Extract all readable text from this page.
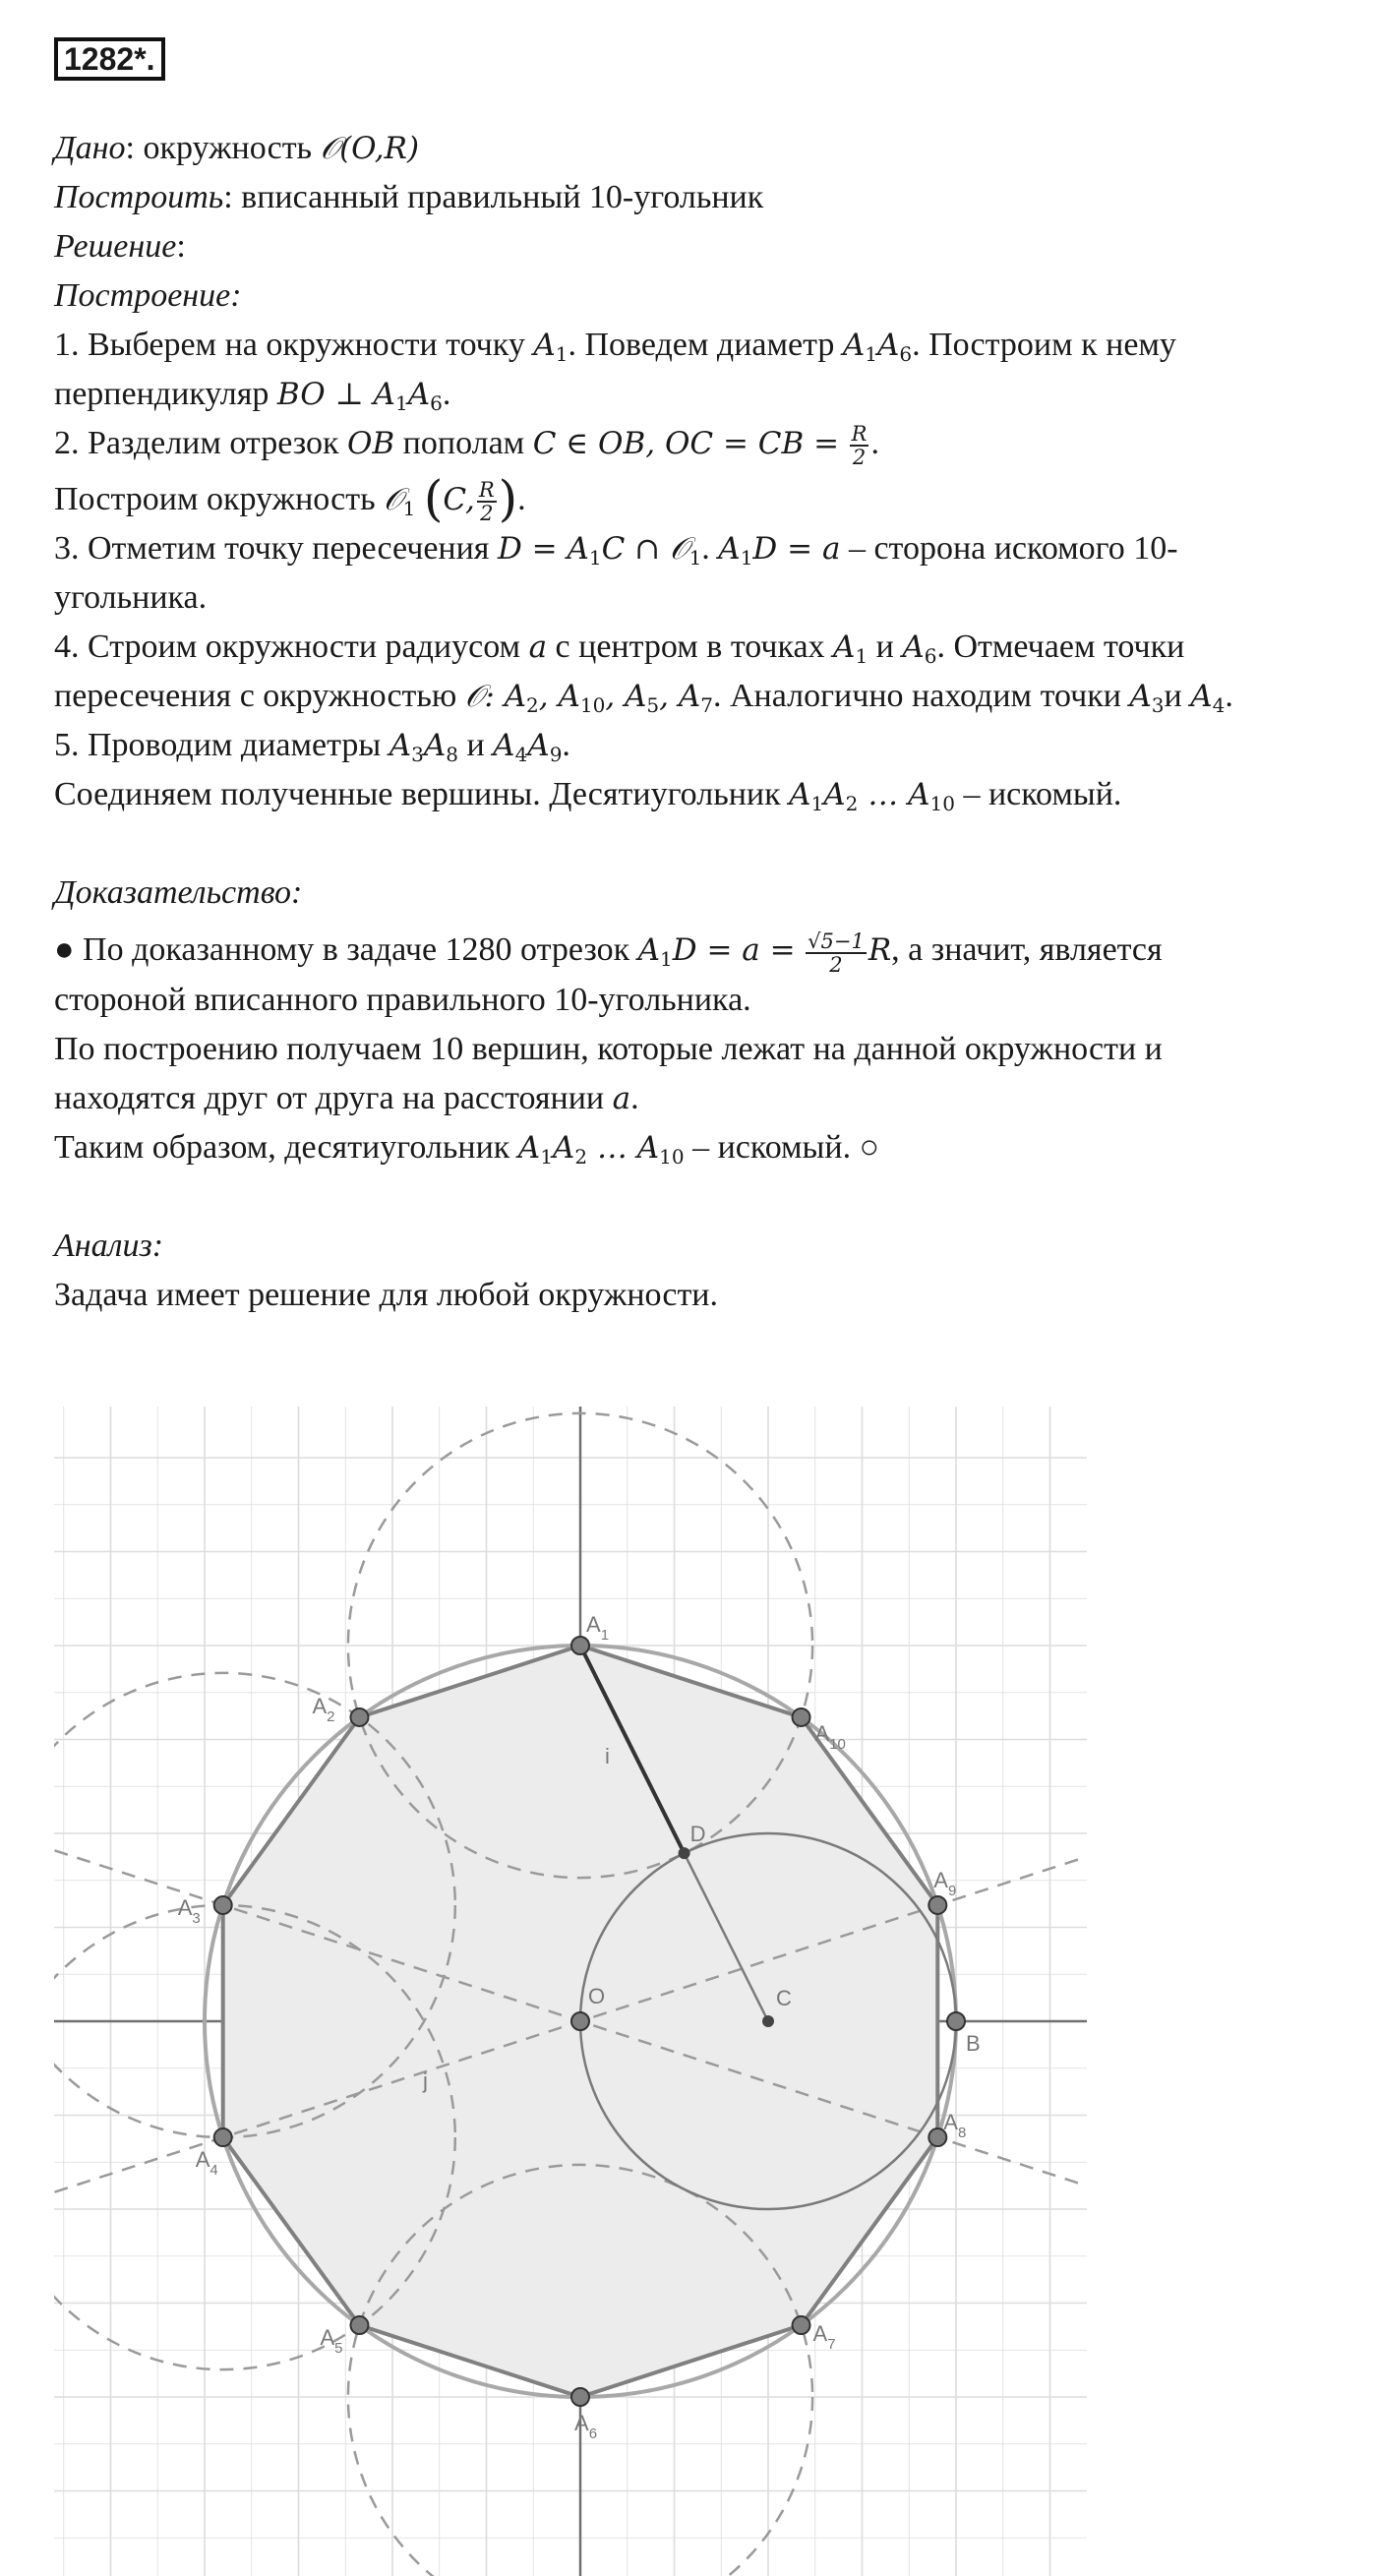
1282*.
Дано: окружность 𝒪(O,R)
Построить: вписанный правильный 10-угольник
Решение:
Построение:
1. Выберем на окружности точку $A_1$. Поведем диаметр $A_1A_6$. Построим к нему
перпендикуляр BO ⊥ $A_1A_6$.
2. Разделим отрезок OB пополам C ∈ OB, OC = CB = $\frac{R}{2}$ .
Построим окружность 𝒪$_1$ (C, $\frac{R}{2}$ ).
3. Отметим точку пересечения $D = A_1C$ ∩ 𝒪$_1$. $A_1D = a$ – сторона искомого 10-
угольника.
4. Строим окружности радиусом a с центром в точках $A_1$ и $A_6$. Отмечаем точки
пересечения с окружностью 𝒪: $A_2$, $A_{10}$, $A_5$, $A_7$. Аналогично находим точки $A_3и$ $A_4$.
5. Проводим диаметры $A_3A_8$ и $A_4A_9$.
Соединяем полученные вершины. Десятиугольник $A_1A_2$ … $A_{10}$ – искомый.
Доказательство:
● По доказанному в задаче 1280 отрезок $A_1D = a = \frac{√5-1}{2} R$, а значит, является
стороной вписанного правильного 10-угольника.
По построению получаем 10 вершин, которые лежат на данной окружности и
находятся друг от друга на расстоянии a.
Таким образом, десятиугольник $A_1A_2$ … $A_{10}$ – искомый. ○
Анализ:
Задача имеет решение для любой окружности.
$A_1$
$A_2$
$A_3$
$A_4$
$A_5$
$A_6$
$A_7$
$A_8$
$A_9$
$A_{10}$
O
B
C
D
i
j
